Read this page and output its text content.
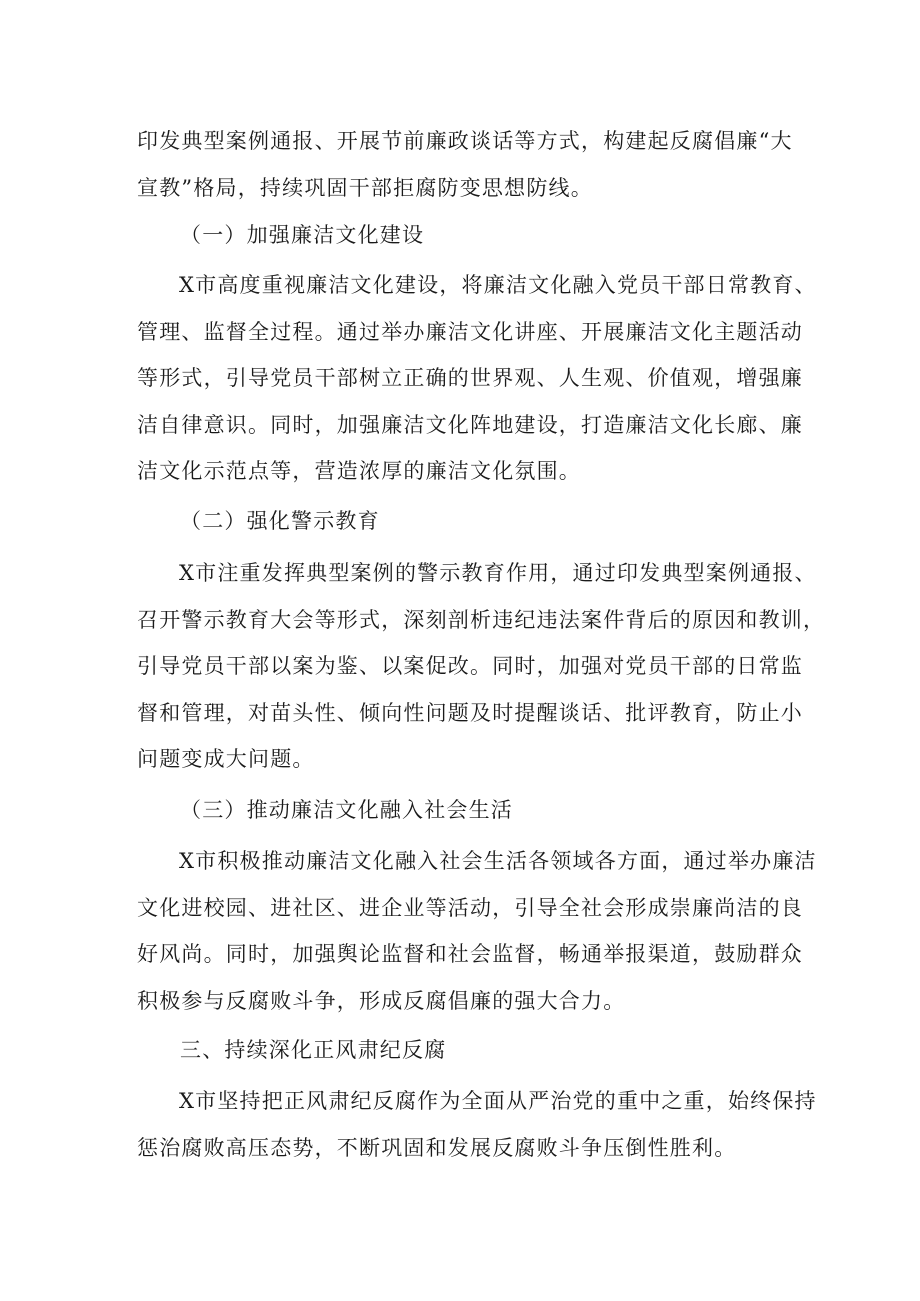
印发典型案例通报、开展节前廉政谈话等方式，构建起反腐倡廉“大
宣教”格局，持续巩固干部拒腐防变思想防线。
（一）加强廉洁文化建设
X市高度重视廉洁文化建设，将廉洁文化融入党员干部日常教育、
管理、监督全过程。通过举办廉洁文化讲座、开展廉洁文化主题活动
等形式，引导党员干部树立正确的世界观、人生观、价值观，增强廉
洁自律意识。同时，加强廉洁文化阵地建设，打造廉洁文化长廊、廉
洁文化示范点等，营造浓厚的廉洁文化氛围。
（二）强化警示教育
X市注重发挥典型案例的警示教育作用，通过印发典型案例通报、
召开警示教育大会等形式，深刻剖析违纪违法案件背后的原因和教训，
引导党员干部以案为鉴、以案促改。同时，加强对党员干部的日常监
督和管理，对苗头性、倾向性问题及时提醒谈话、批评教育，防止小
问题变成大问题。
（三）推动廉洁文化融入社会生活
X市积极推动廉洁文化融入社会生活各领域各方面，通过举办廉洁
文化进校园、进社区、进企业等活动，引导全社会形成崇廉尚洁的良
好风尚。同时，加强舆论监督和社会监督，畅通举报渠道，鼓励群众
积极参与反腐败斗争，形成反腐倡廉的强大合力。
三、持续深化正风肃纪反腐
X市坚持把正风肃纪反腐作为全面从严治党的重中之重，始终保持
惩治腐败高压态势，不断巩固和发展反腐败斗争压倒性胜利。
